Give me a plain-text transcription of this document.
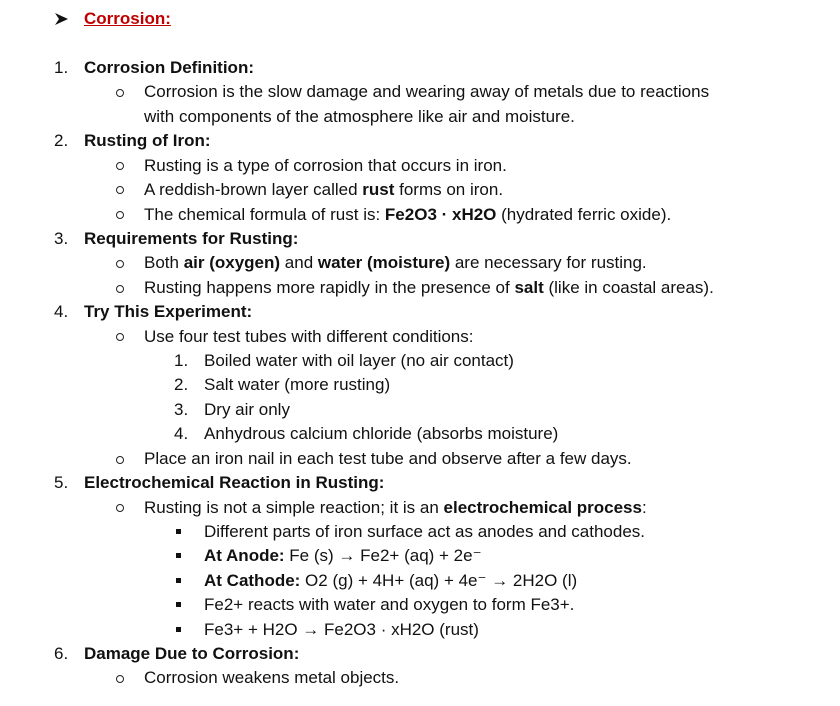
Corrosion:
1. Corrosion Definition:
Corrosion is the slow damage and wearing away of metals due to reactions
with components of the atmosphere like air and moisture.
2. Rusting of Iron:
Rusting is a type of corrosion that occurs in iron.
A reddish-brown layer called rust forms on iron.
The chemical formula of rust is: Fe2O3 · xH2O (hydrated ferric oxide).
3. Requirements for Rusting:
Both air (oxygen) and water (moisture) are necessary for rusting.
Rusting happens more rapidly in the presence of salt (like in coastal areas).
4. Try This Experiment:
Use four test tubes with different conditions:
1. Boiled water with oil layer (no air contact)
2. Salt water (more rusting)
3. Dry air only
4. Anhydrous calcium chloride (absorbs moisture)
Place an iron nail in each test tube and observe after a few days.
5. Electrochemical Reaction in Rusting:
Rusting is not a simple reaction; it is an electrochemical process:
Different parts of iron surface act as anodes and cathodes.
At Anode: Fe (s) → Fe2+ (aq) + 2e⁻
At Cathode: O2 (g) + 4H+ (aq) + 4e⁻ → 2H2O (l)
Fe2+ reacts with water and oxygen to form Fe3+.
Fe3+ + H2O → Fe2O3 · xH2O (rust)
6. Damage Due to Corrosion:
Corrosion weakens metal objects.
